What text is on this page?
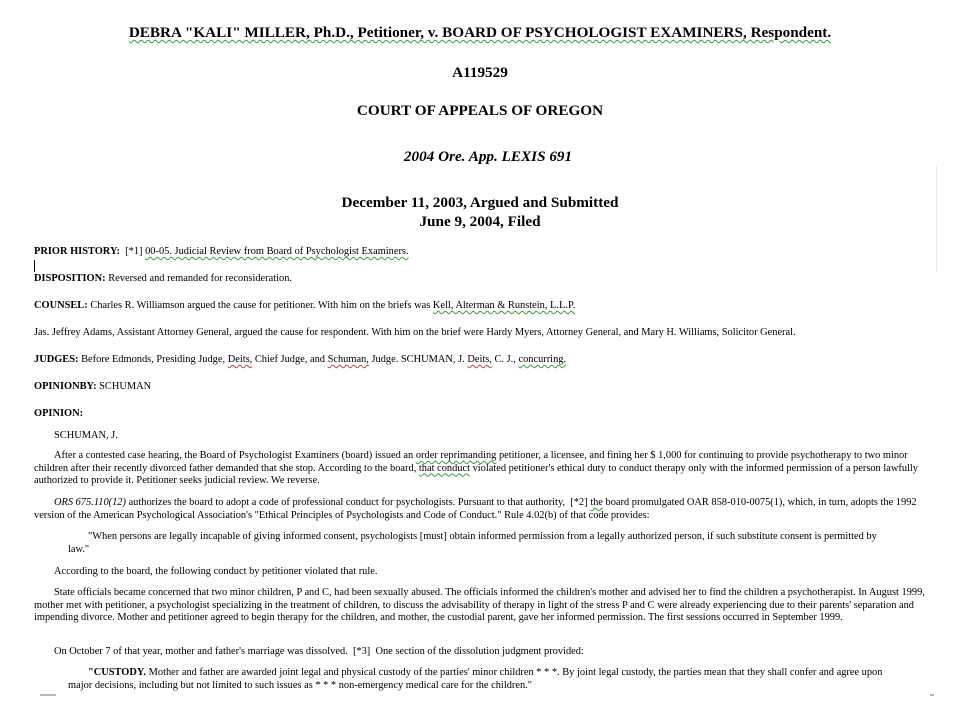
DEBRA "KALI" MILLER, Ph.D., Petitioner, v. BOARD OF PSYCHOLOGIST EXAMINERS, Respondent.
A119529
COURT OF APPEALS OF OREGON
2004 Ore. App. LEXIS 691
December 11, 2003, Argued and Submitted
June 9, 2004, Filed
PRIOR HISTORY: [*1] 00-05. Judicial Review from Board of Psychologist Examiners.
DISPOSITION: Reversed and remanded for reconsideration.
COUNSEL: Charles R. Williamson argued the cause for petitioner. With him on the briefs was Kell, Alterman & Runstein, L.L.P.
Jas. Jeffrey Adams, Assistant Attorney General, argued the cause for respondent. With him on the brief were Hardy Myers, Attorney General, and Mary H. Williams, Solicitor General.
JUDGES: Before Edmonds, Presiding Judge, Deits, Chief Judge, and Schuman, Judge. SCHUMAN, J. Deits, C. J., concurring.
OPINIONBY: SCHUMAN
OPINION:
SCHUMAN, J.
After a contested case hearing, the Board of Psychologist Examiners (board) issued an order reprimanding petitioner, a licensee, and fining her $ 1,000 for continuing to provide psychotherapy to two minor children after their recently divorced father demanded that she stop. According to the board, that conduct violated petitioner's ethical duty to conduct therapy only with the informed permission of a person lawfully authorized to provide it. Petitioner seeks judicial review. We reverse.
ORS 675.110(12) authorizes the board to adopt a code of professional conduct for psychologists. Pursuant to that authority, [*2] the board promulgated OAR 858-010-0075(1), which, in turn, adopts the 1992 version of the American Psychological Association's "Ethical Principles of Psychologists and Code of Conduct." Rule 4.02(b) of that code provides:
"When persons are legally incapable of giving informed consent, psychologists [must] obtain informed permission from a legally authorized person, if such substitute consent is permitted by law."
According to the board, the following conduct by petitioner violated that rule.
State officials became concerned that two minor children, P and C, had been sexually abused. The officials informed the children's mother and advised her to find the children a psychotherapist. In August 1999, mother met with petitioner, a psychologist specializing in the treatment of children, to discuss the advisability of therapy in light of the stress P and C were already experiencing due to their parents' separation and impending divorce. Mother and petitioner agreed to begin therapy for the children, and mother, the custodial parent, gave her informed permission. The first sessions occurred in September 1999.
On October 7 of that year, mother and father's marriage was dissolved. [*3] One section of the dissolution judgment provided:
"CUSTODY. Mother and father are awarded joint legal and physical custody of the parties' minor children * * *. By joint legal custody, the parties mean that they shall confer and agree upon major decisions, including but not limited to such issues as * * * non-emergency medical care for the children."
